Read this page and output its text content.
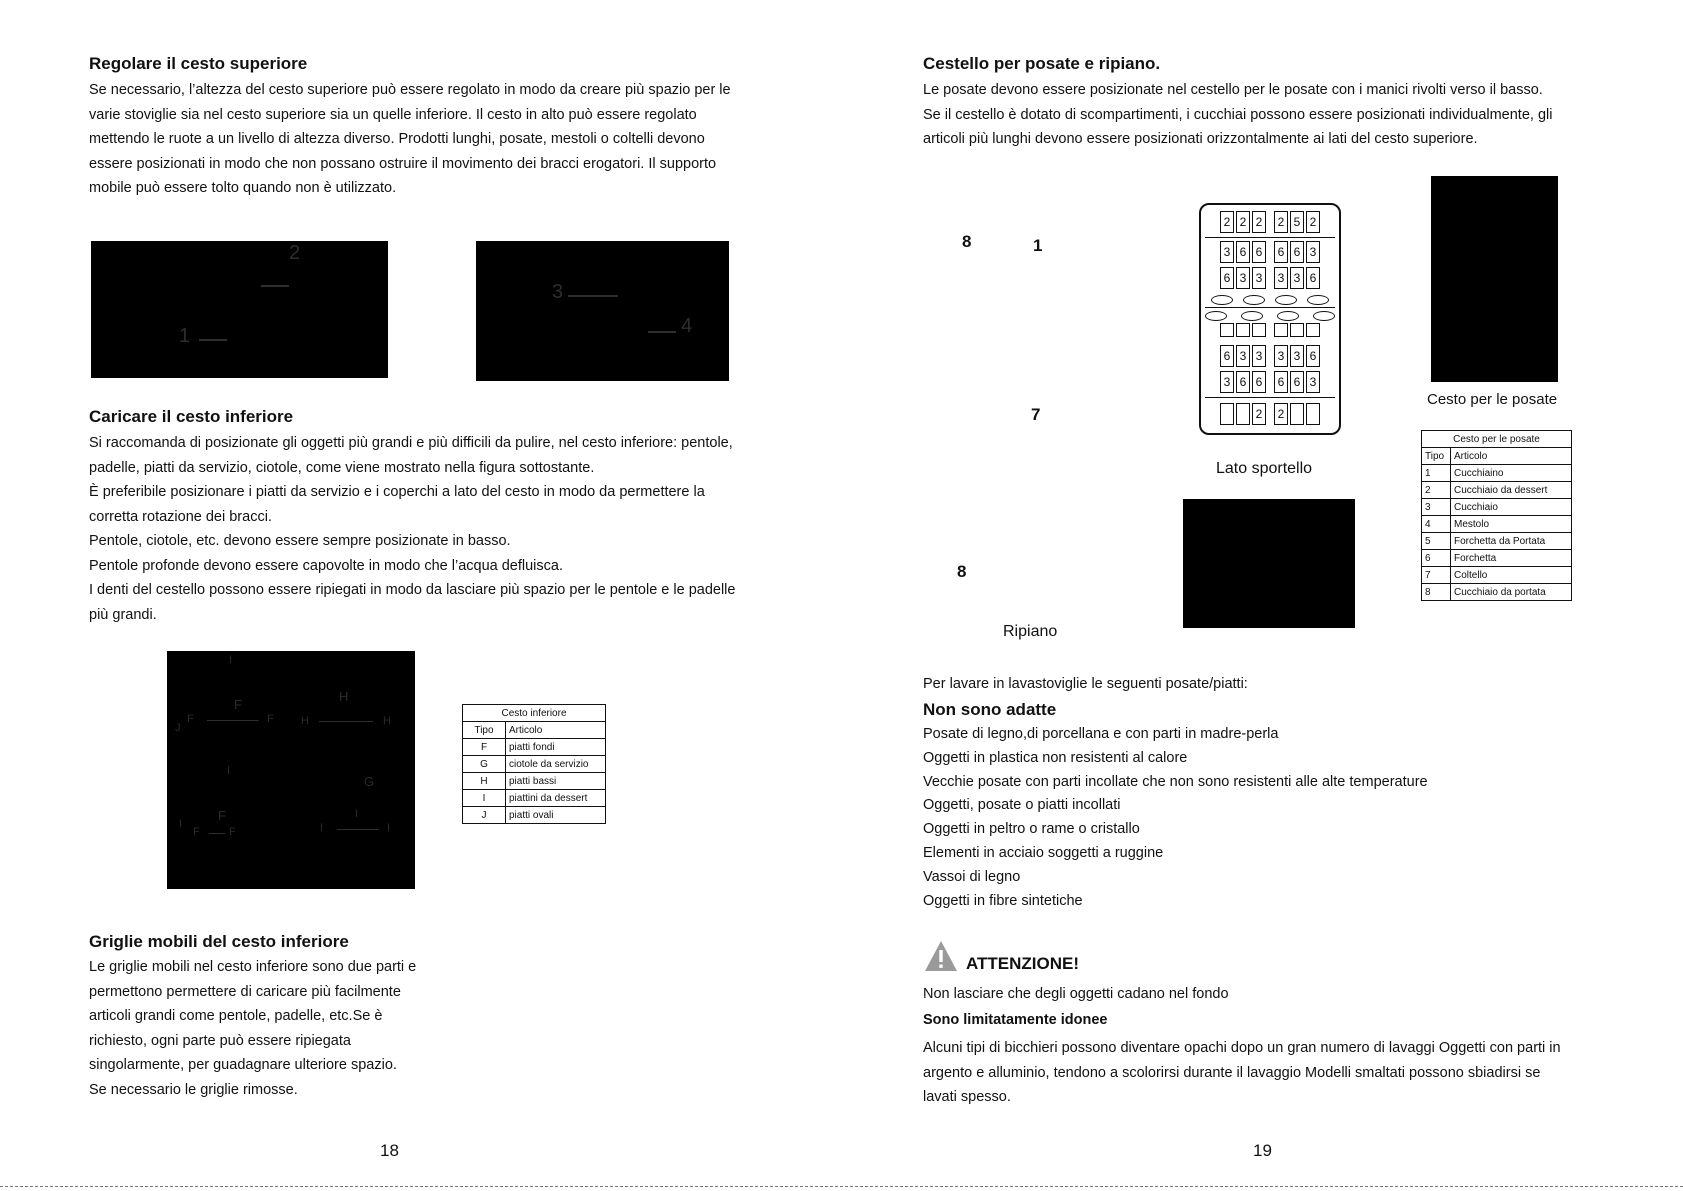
Regolare il cesto superiore
Se necessario, l’altezza del cesto superiore può essere regolato in modo da creare più spazio per le
varie stoviglie sia nel cesto superiore sia un quelle inferiore. Il cesto in alto può essere regolato
mettendo le ruote a un livello di altezza diverso. Prodotti lunghi, posate, mestoli o coltelli devono
essere posizionati in modo che non possano ostruire il movimento dei bracci erogatori. Il supporto
mobile può essere tolto quando non è utilizzato.
1
2
3
4
Caricare il cesto inferiore
Si raccomanda di posizionate gli oggetti più grandi e più difficili da pulire, nel cesto inferiore: pentole,
padelle, piatti da servizio, ciotole, come viene mostrato nella figura sottostante.
È preferibile posizionare i piatti da servizio e i coperchi a lato del cesto in modo da permettere la
corretta rotazione dei bracci.
Pentole, ciotole, etc. devono essere sempre posizionate in basso.
Pentole profonde devono essere capovolte in modo che l’acqua defluisca.
I denti del cestello possono essere ripiegati in modo da lasciare più spazio per le pentole e le padelle
più grandi.
I
F
F	F
J
H
H	H
I
G
F
I
F	F
I
I	I
Cesto inferiore	
Tipo	Articolo
F	piatti fondi
G	ciotole da servizio
H	piatti bassi
I	piattini da dessert
J	piatti ovali
Griglie mobili del cesto inferiore
Le griglie mobili nel cesto inferiore sono due parti e
permettono permettere di caricare più facilmente
articoli grandi come pentole, padelle, etc.Se è
richiesto, ogni parte può essere ripiegata
singolarmente, per guadagnare ulteriore spazio.
Se necessario le griglie rimosse.
18
Cestello per posate e ripiano.
Le posate devono essere posizionate nel cestello per le posate con i manici rivolti verso il basso.
Se il cestello è dotato di scompartimenti, i cucchiai possono essere posizionati individualmente, gli
articoli più lunghi devono essere posizionati orizzontalmente ai lati del cesto superiore.
8	1
7
8
Ripiano
2 2 2	2 5 2
3 6 6	6 6 3
6 3 3	3 3 6
6 3 3	3 3 6
3 6 6	6 6 3
2	2
Lato sportello
Cesto per le posate
Cesto per le posate	
Tipo	Articolo
1	Cucchiaino
2	Cucchiaio da dessert
3	Cucchiaio
4	Mestolo
5	Forchetta da Portata
6	Forchetta
7	Coltello
8	Cucchiaio da portata
Per lavare in lavastoviglie le seguenti posate/piatti:
Non sono adatte
Posate di legno,di porcellana e con parti in madre-perla
Oggetti in plastica non resistenti al calore
Vecchie posate con parti incollate che non sono resistenti alle alte temperature
Oggetti, posate o piatti incollati
Oggetti in peltro o rame o cristallo
Elementi in acciaio soggetti a ruggine
Vassoi di legno
Oggetti in fibre sintetiche
ATTENZIONE!
Non lasciare che degli oggetti cadano nel fondo
Sono limitatamente idonee
Alcuni tipi di bicchieri possono diventare opachi dopo un gran numero di lavaggi Oggetti con parti in
argento e alluminio, tendono a scolorirsi durante il lavaggio Modelli smaltati possono sbiadirsi se
lavati spesso.
19
